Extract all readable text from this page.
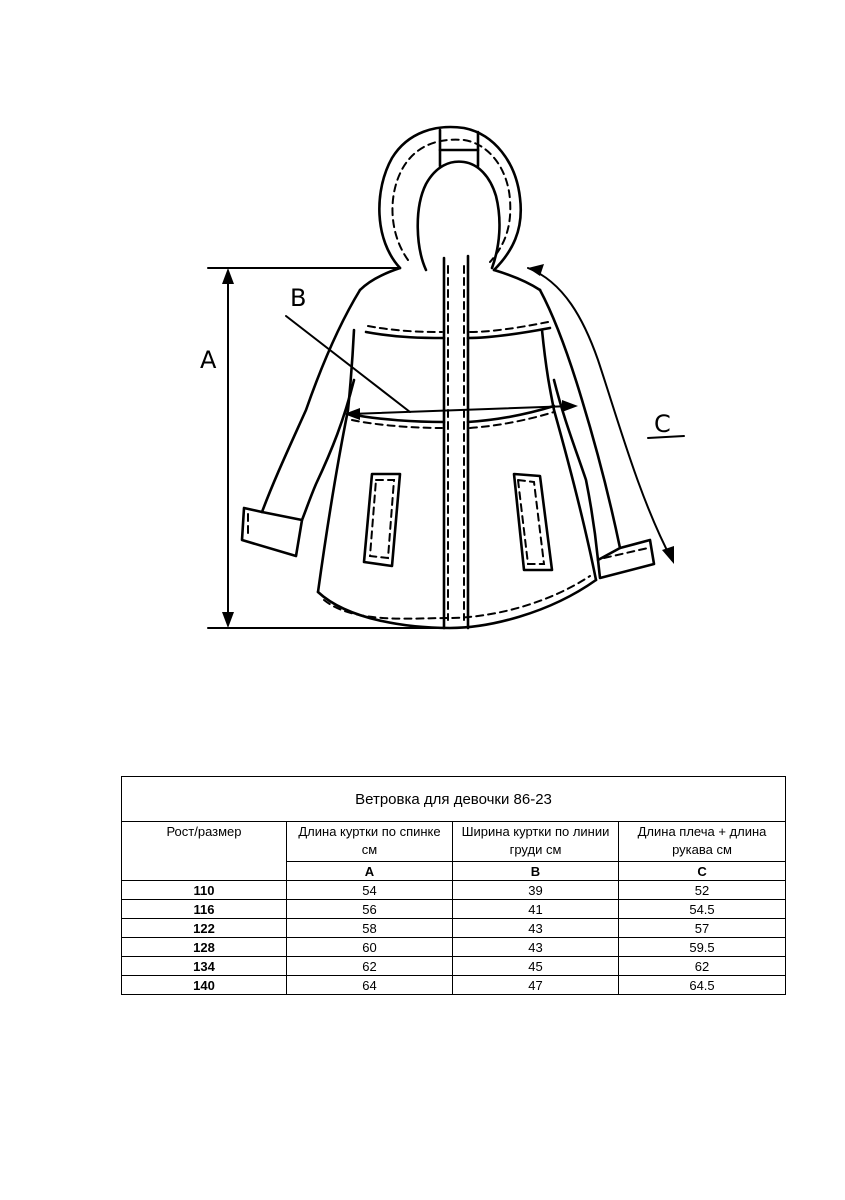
A
B
C
Ветровка для девочки 86-23			
Рост/размер	Длина куртки по спинке см	Ширина куртки по линии груди см	Длина плеча + длина рукава см
	A	B	C
110	54	39	52
116	56	41	54.5
122	58	43	57
128	60	43	59.5
134	62	45	62
140	64	47	64.5
